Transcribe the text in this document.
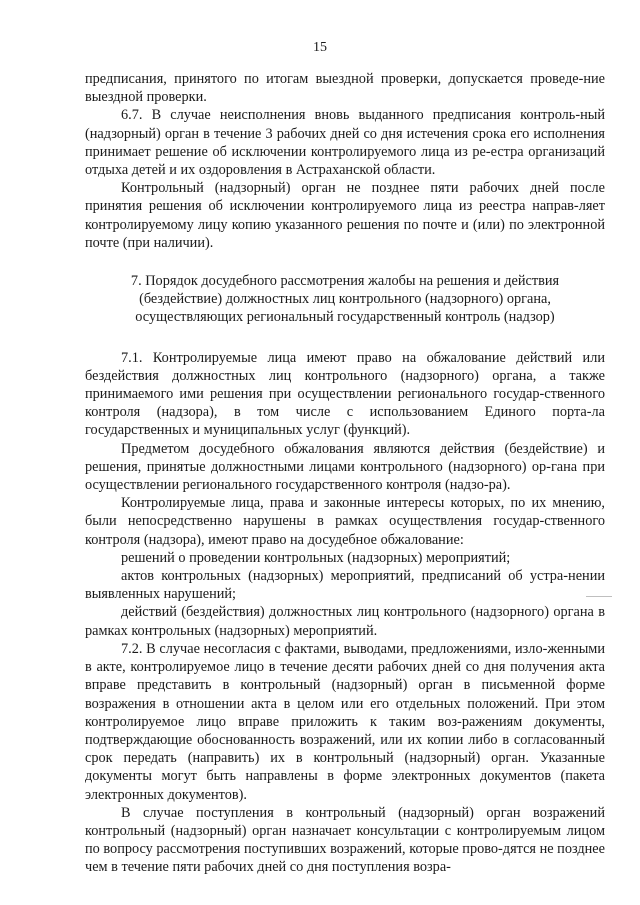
15

предписания, принятого по итогам выездной проверки, допускается проведе-ние выездной проверки.

6.7. В случае неисполнения вновь выданного предписания контроль-ный (надзорный) орган в течение 3 рабочих дней со дня истечения срока его исполнения принимает решение об исключении контролируемого лица из ре-естра организаций отдыха детей и их оздоровления в Астраханской области.

Контрольный (надзорный) орган не позднее пяти рабочих дней после принятия решения об исключении контролируемого лица из реестра направ-ляет контролируемому лицу копию указанного решения по почте и (или) по электронной почте (при наличии).

7. Порядок досудебного рассмотрения жалобы на решения и действия
(бездействие) должностных лиц контрольного (надзорного) органа,
осуществляющих региональный государственный контроль (надзор)

7.1. Контролируемые лица имеют право на обжалование действий или бездействия должностных лиц контрольного (надзорного) органа, а также принимаемого ими решения при осуществлении регионального государ-ственного контроля (надзора), в том числе с использованием Единого порта-ла государственных и муниципальных услуг (функций).

Предметом досудебного обжалования являются действия (бездействие) и решения, принятые должностными лицами контрольного (надзорного) ор-гана при осуществлении регионального государственного контроля (надзо-ра).

Контролируемые лица, права и законные интересы которых, по их мнению, были непосредственно нарушены в рамках осуществления государ-ственного контроля (надзора), имеют право на досудебное обжалование:

решений о проведении контрольных (надзорных) мероприятий;

актов контрольных (надзорных) мероприятий, предписаний об устра-нении выявленных нарушений;

действий (бездействия) должностных лиц контрольного (надзорного) органа в рамках контрольных (надзорных) мероприятий.

7.2. В случае несогласия с фактами, выводами, предложениями, изло-женными в акте, контролируемое лицо в течение десяти рабочих дней со дня получения акта вправе представить в контрольный (надзорный) орган в письменной форме возражения в отношении акта в целом или его отдельных положений. При этом контролируемое лицо вправе приложить к таким воз-ражениям документы, подтверждающие обоснованность возражений, или их копии либо в согласованный срок передать (направить) их в контрольный (надзорный) орган. Указанные документы могут быть направлены в форме электронных документов (пакета электронных документов).

В случае поступления в контрольный (надзорный) орган возражений контрольный (надзорный) орган назначает консультации с контролируемым лицом по вопросу рассмотрения поступивших возражений, которые прово-дятся не позднее чем в течение пяти рабочих дней со дня поступления возра-
